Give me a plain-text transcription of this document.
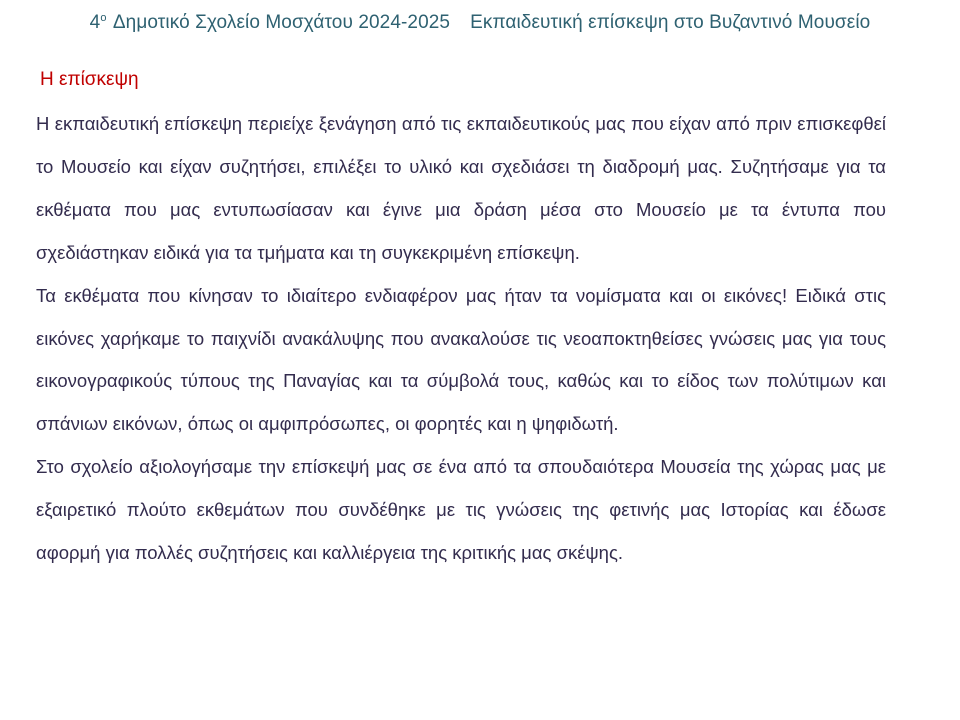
$4^o$ Δημοτικό Σχολείο Μοσχάτου 2024-2025 Εκπαιδευτική επίσκεψη στο Βυζαντινό Μουσείο
Η επίσκεψη

Η εκπαιδευτική επίσκεψη περιείχε ξενάγηση από τις εκπαιδευτικούς μας που είχαν από πριν επισκεφθεί το Μουσείο και είχαν συζητήσει, επιλέξει το υλικό και σχεδιάσει τη διαδρομή μας. Συζητήσαμε για τα εκθέματα που μας εντυπωσίασαν και έγινε μια δράση μέσα στο Μουσείο με τα έντυπα που σχεδιάστηκαν ειδικά για τα τμήματα και τη συγκεκριμένη επίσκεψη.

Τα εκθέματα που κίνησαν το ιδιαίτερο ενδιαφέρον μας ήταν τα νομίσματα και οι εικόνες! Ειδικά στις εικόνες χαρήκαμε το παιχνίδι ανακάλυψης που ανακαλούσε τις νεοαποκτηθείσες γνώσεις μας για τους εικονογραφικούς τύπους της Παναγίας και τα σύμβολά τους, καθώς και το είδος των πολύτιμων και σπάνιων εικόνων, όπως οι αμφιπρόσωπες, οι φορητές και η ψηφιδωτή.

Στο σχολείο αξιολογήσαμε την επίσκεψή μας σε ένα από τα σπουδαιότερα Μουσεία της χώρας μας με εξαιρετικό πλούτο εκθεμάτων που συνδέθηκε με τις γνώσεις της φετινής μας Ιστορίας και έδωσε αφορμή για πολλές συζητήσεις και καλλιέργεια της κριτικής μας σκέψης.
